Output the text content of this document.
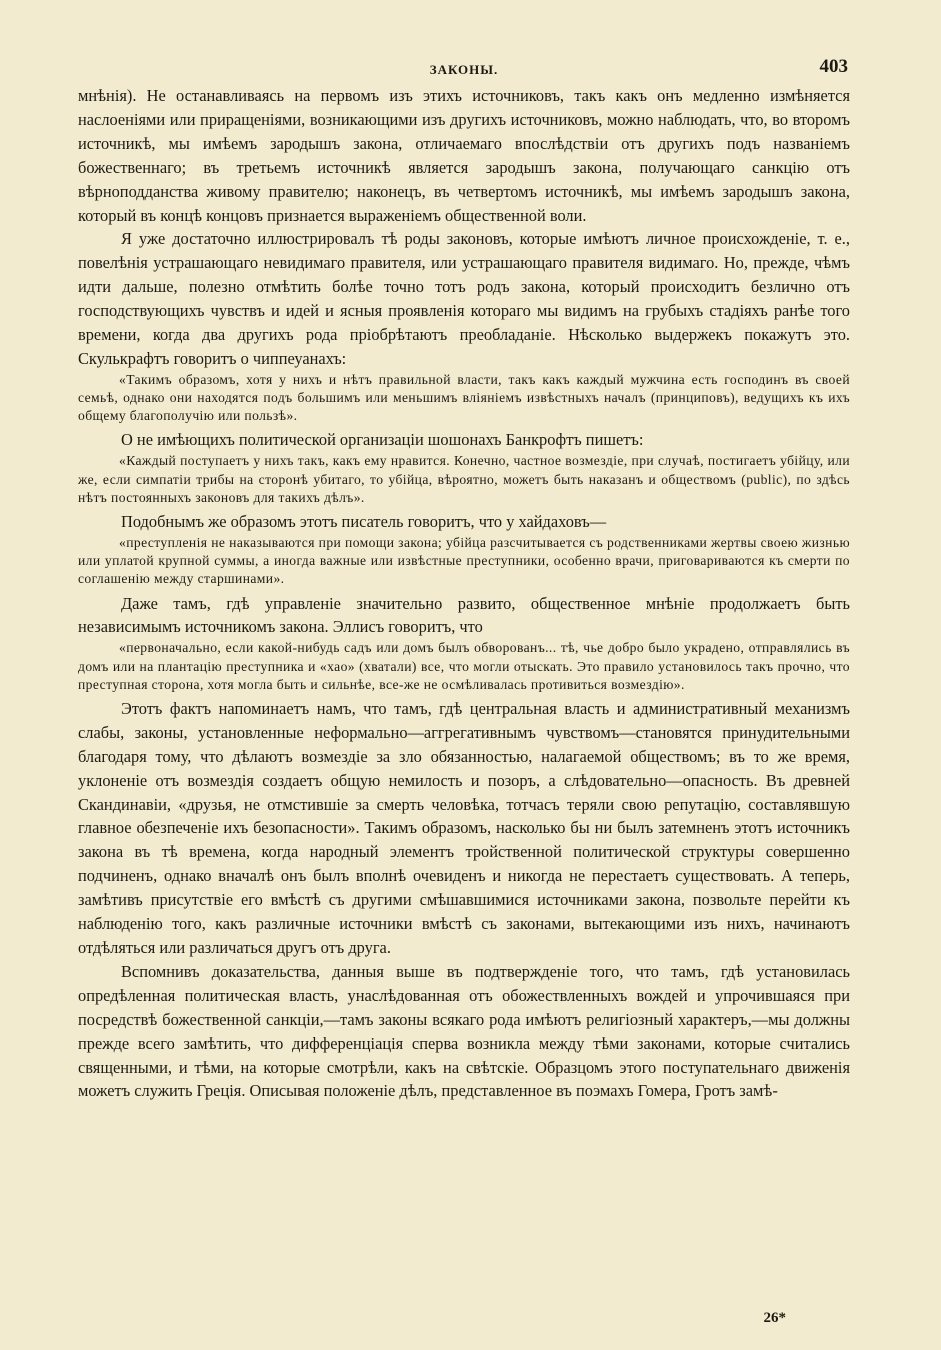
ЗАКОНЫ.	403

мнѣнія). Не останавливаясь на первомъ изъ этихъ источниковъ, такъ какъ онъ медленно измѣняется наслоеніями или приращеніями, возникающими изъ другихъ источниковъ, можно наблюдать, что, во второмъ источникѣ, мы имѣемъ зародышъ закона, отличаемаго впослѣдствіи отъ другихъ подъ названіемъ божественнаго; въ третьемъ источникѣ является зародышъ закона, получающаго санкцію отъ вѣрноподданства живому правителю; наконецъ, въ четвертомъ источникѣ, мы имѣемъ зародышъ закона, который въ концѣ концовъ признается выраженіемъ общественной воли.

Я уже достаточно иллюстрировалъ тѣ роды законовъ, которые имѣютъ личное происхожденіе, т. е., повелѣнія устрашающаго невидимаго правителя, или устрашающаго правителя видимаго. Но, прежде, чѣмъ идти дальше, полезно отмѣтить болѣе точно тотъ родъ закона, который происходитъ безлично отъ господствующихъ чувствъ и идей и ясныя проявленія котораго мы видимъ на грубыхъ стадіяхъ ранѣе того времени, когда два другихъ рода пріобрѣтаютъ преобладаніе. Нѣсколько выдержекъ покажутъ это. Скулькрафтъ говоритъ о чиппеуанахъ:

«Такимъ образомъ, хотя у нихъ и нѣтъ правильной власти, такъ какъ каждый мужчина есть господинъ въ своей семьѣ, однако они находятся подъ большимъ или меньшимъ вліяніемъ извѣстныхъ началъ (принциповъ), ведущихъ къ ихъ общему благополучію или пользѣ».

О не имѣющихъ политической организаціи шошонахъ Банкрофтъ пишетъ:

«Каждый поступаетъ у нихъ такъ, какъ ему нравится. Конечно, частное возмездіе, при случаѣ, постигаетъ убійцу, или же, если симпатіи трибы на сторонѣ убитаго, то убійца, вѣроятно, можетъ быть наказанъ и обществомъ (public), по здѣсь нѣтъ постоянныхъ законовъ для такихъ дѣлъ».

Подобнымъ же образомъ этотъ писатель говоритъ, что у хайдаховъ—

«преступленія не наказываются при помощи закона; убійца разсчитывается съ родственниками жертвы своею жизнью или уплатой крупной суммы, а иногда важные или извѣстные преступники, особенно врачи, приговариваются къ смерти по соглашенію между старшинами».

Даже тамъ, гдѣ управленіе значительно развито, общественное мнѣніе продолжаетъ быть независимымъ источникомъ закона. Эллисъ говоритъ, что

«первоначально, если какой-нибудь садъ или домъ былъ обворованъ... тѣ, чье добро было украдено, отправлялись въ домъ или на плантацію преступника и «хао» (хватали) все, что могли отыскать. Это правило установилось такъ прочно, что преступная сторона, хотя могла быть и сильнѣе, все-же не осмѣливалась противиться возмездію».

Этотъ фактъ напоминаетъ намъ, что тамъ, гдѣ центральная власть и административный механизмъ слабы, законы, установленные неформально—аггрегативнымъ чувствомъ—становятся принудительными благодаря тому, что дѣлаютъ возмездіе за зло обязанностью, налагаемой обществомъ; въ то же время, уклоненіе отъ возмездія создаетъ общую немилость и позоръ, а слѣдовательно—опасность. Въ древней Скандинавіи, «друзья, не отмстившіе за смерть человѣка, тотчасъ теряли свою репутацію, составлявшую главное обезпеченіе ихъ безопасности». Такимъ образомъ, насколько бы ни былъ затемненъ этотъ источникъ закона въ тѣ времена, когда народный элементъ тройственной политической структуры совершенно подчиненъ, однако вначалѣ онъ былъ вполнѣ очевиденъ и никогда не перестаетъ существовать. А теперь, замѣтивъ присутствіе его вмѣстѣ съ другими смѣшавшимися источниками закона, позвольте перейти къ наблюденію того, какъ различные источники вмѣстѣ съ законами, вытекающими изъ нихъ, начинаютъ отдѣляться или различаться другъ отъ друга.

Вспомнивъ доказательства, данныя выше въ подтвержденіе того, что тамъ, гдѣ установилась опредѣленная политическая власть, унаслѣдованная отъ обожествленныхъ вождей и упрочившаяся при посредствѣ божественной санкціи,—тамъ законы всякаго рода имѣютъ религіозный характеръ,—мы должны прежде всего замѣтить, что дифференціація сперва возникла между тѣми законами, которые считались священными, и тѣми, на которые смотрѣли, какъ на свѣтскіе. Образцомъ этого поступательнаго движенія можетъ служить Греція. Описывая положеніе дѣлъ, представленное въ поэмахъ Гомера, Гротъ замѣ-

26*
